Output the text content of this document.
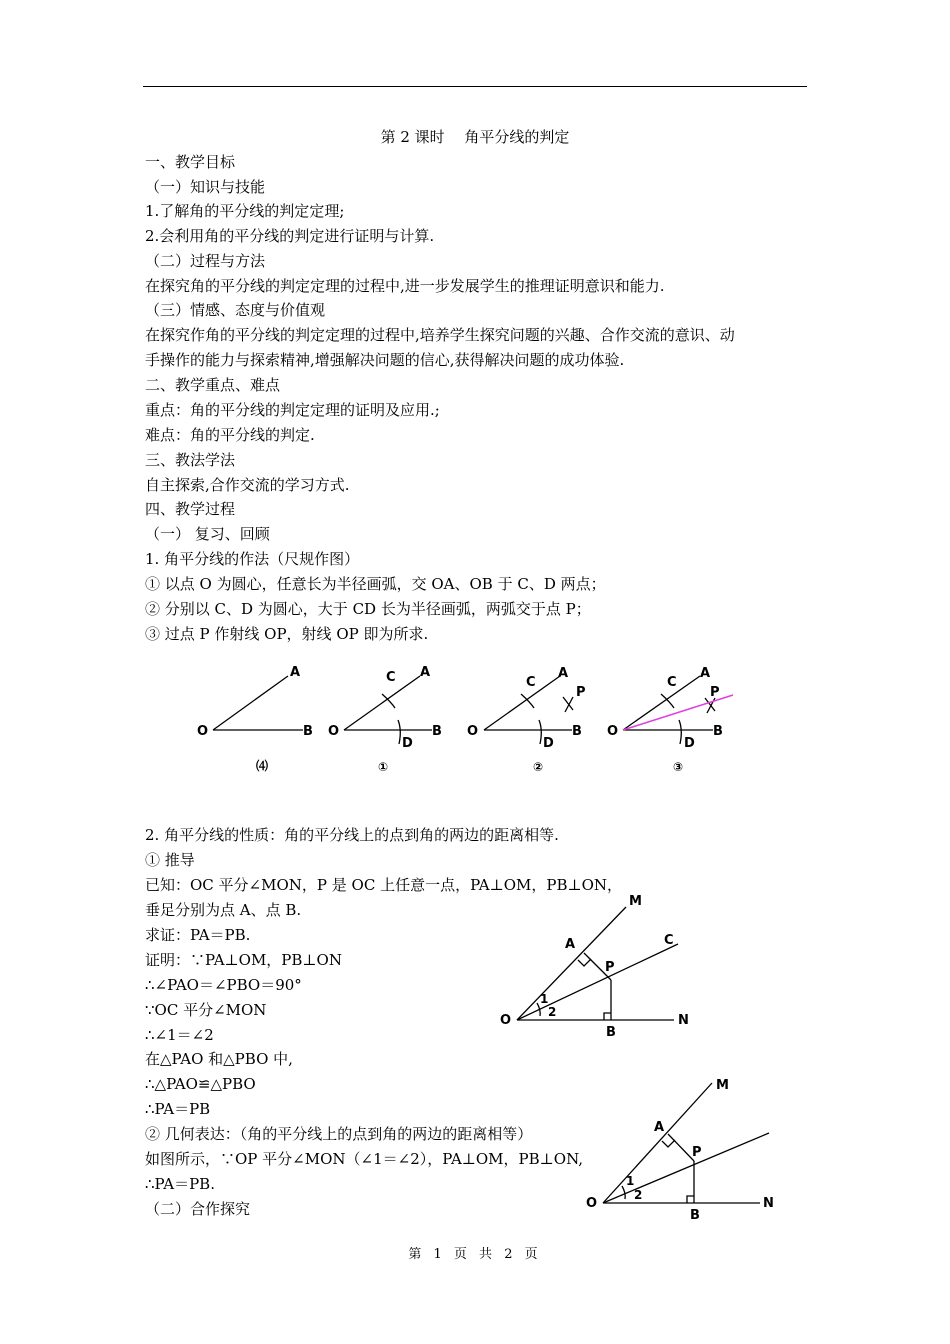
第 2 课时　 角平分线的判定
一、教学目标
（一）知识与技能
1.了解角的平分线的判定定理;
2.会利用角的平分线的判定进行证明与计算.
（二）过程与方法
在探究角的平分线的判定定理的过程中,进一步发展学生的推理证明意识和能力.
（三）情感、态度与价值观
在探究作角的平分线的判定定理的过程中,培养学生探究问题的兴趣、合作交流的意识、动
手操作的能力与探索精神,增强解决问题的信心,获得解决问题的成功体验.
二、教学重点、难点
重点：角的平分线的判定定理的证明及应用.;
难点：角的平分线的判定.
三、教法学法
自主探索,合作交流的学习方式.
四、教学过程
（一） 复习、回顾
1. 角平分线的作法（尺规作图）
① 以点 O 为圆心，任意长为半径画弧，交 OA、OB 于 C、D 两点；
② 分别以 C、D 为圆心，大于 CD 长为半径画弧，两弧交于点 P；
③ 过点 P 作射线 OP，射线 OP 即为所求.
2. 角平分线的性质：角的平分线上的点到角的两边的距离相等.
① 推导
已知：OC 平分∠MON，P 是 OC 上任意一点，PA⊥OM，PB⊥ON，
垂足分别为点 A、点 B.
求证：PA＝PB.
证明：∵PA⊥OM，PB⊥ON
∴∠PAO＝∠PBO＝90°
∵OC 平分∠MON
∴∠1＝∠2
在△PAO 和△PBO 中,
∴△PAO≌△PBO
∴PA＝PB
② 几何表达：（角的平分线上的点到角的两边的距离相等）
如图所示，∵OP 平分∠MON（∠1＝∠2），PA⊥OM，PB⊥ON,
∴PA＝PB.
（二）合作探究
O
A
B
⑷
O
C A
D
B
①
O
C
A
P
D
B
②
O
C
A
P
D
B
③
M
C
A
P
1
2
O
B
N
M
A
P
1
2
O
B
N
第 1 页 共 2 页
